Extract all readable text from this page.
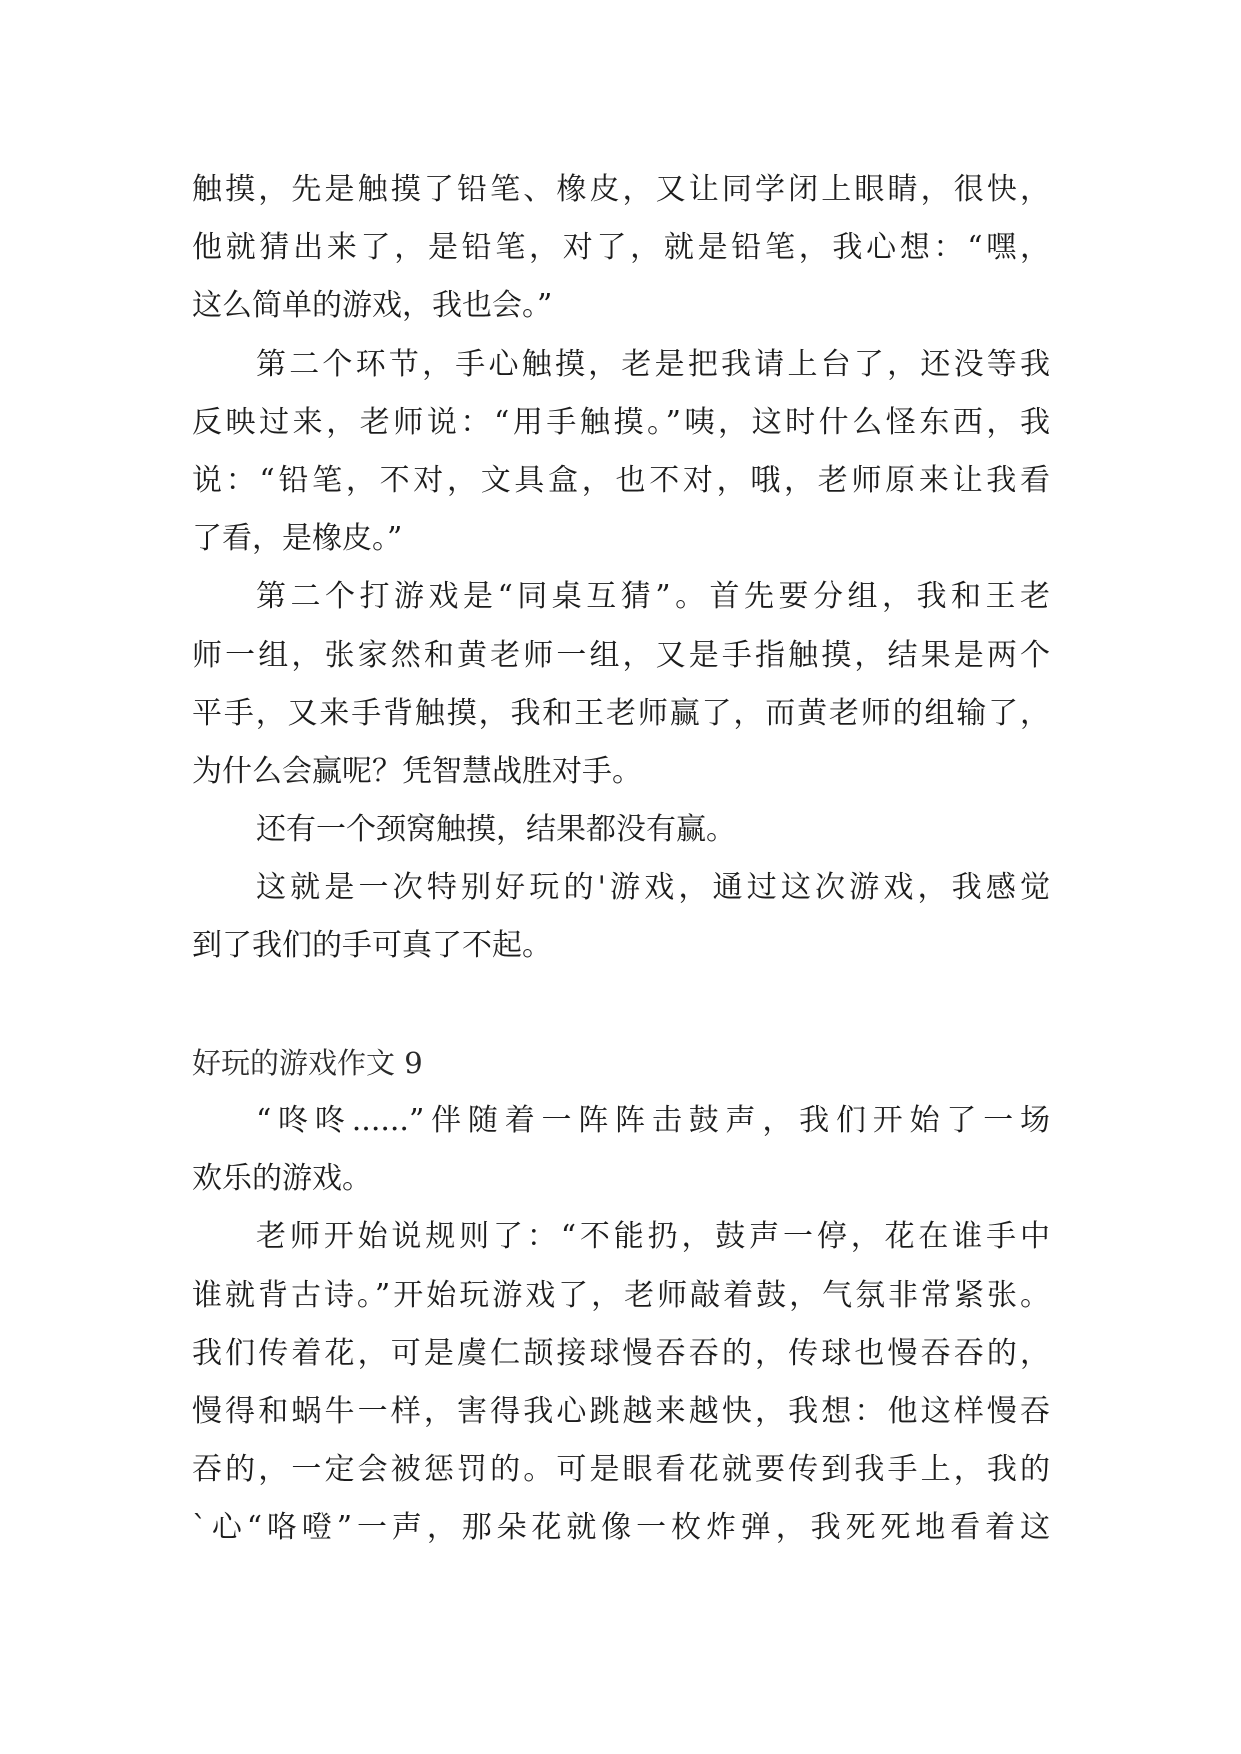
触摸，先是触摸了铅笔、橡皮，又让同学闭上眼睛，很快，
他就猜出来了，是铅笔，对了，就是铅笔，我心想：“嘿，
这么简单的游戏，我也会。”
第二个环节，手心触摸，老是把我请上台了，还没等我
反映过来，老师说：“用手触摸。”咦，这时什么怪东西，我
说：“铅笔，不对，文具盒，也不对，哦，老师原来让我看
了看，是橡皮。”
第二个打游戏是“同桌互猜”。首先要分组，我和王老
师一组，张家然和黄老师一组，又是手指触摸，结果是两个
平手，又来手背触摸，我和王老师赢了，而黄老师的组输了，
为什么会赢呢？凭智慧战胜对手。
还有一个颈窝触摸，结果都没有赢。
这就是一次特别好玩的'游戏，通过这次游戏，我感觉
到了我们的手可真了不起。
好玩的游戏作文 9
“咚咚......”伴随着一阵阵击鼓声，我们开始了一场
欢乐的游戏。
老师开始说规则了：“不能扔，鼓声一停，花在谁手中
谁就背古诗。”开始玩游戏了，老师敲着鼓，气氛非常紧张。
我们传着花，可是虞仁颉接球慢吞吞的，传球也慢吞吞的，
慢得和蜗牛一样，害得我心跳越来越快，我想：他这样慢吞
吞的，一定会被惩罚的。可是眼看花就要传到我手上，我的
`心“咯噔”一声，那朵花就像一枚炸弹，我死死地看着这
